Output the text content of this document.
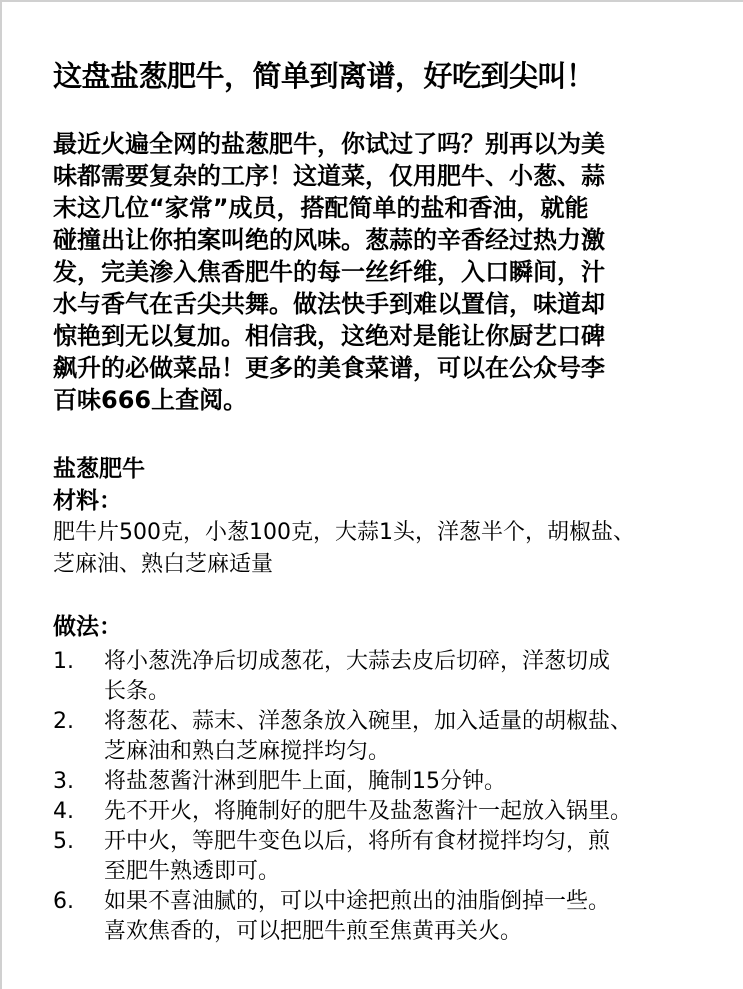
这盘盐葱肥牛，简单到离谱，好吃到尖叫！
最近火遍全网的盐葱肥牛，你试过了吗？别再以为美
味都需要复杂的工序！这道菜，仅用肥牛、小葱、蒜
末这几位“家常”成员，搭配简单的盐和香油，就能
碰撞出让你拍案叫绝的风味。葱蒜的辛香经过热力激
发，完美渗入焦香肥牛的每一丝纤维，入口瞬间，汁
水与香气在舌尖共舞。做法快手到难以置信，味道却
惊艳到无以复加。相信我，这绝对是能让你厨艺口碑
飙升的必做菜品！更多的美食菜谱，可以在公众号李
百味666上查阅。
盐葱肥牛
材料：
肥牛片500克，小葱100克，大蒜1头，洋葱半个，胡椒盐、
芝麻油、熟白芝麻适量
做法：
1. 将小葱洗净后切成葱花，大蒜去皮后切碎，洋葱切成
长条。
2. 将葱花、蒜末、洋葱条放入碗里，加入适量的胡椒盐、
芝麻油和熟白芝麻搅拌均匀。
3. 将盐葱酱汁淋到肥牛上面，腌制15分钟。
4. 先不开火，将腌制好的肥牛及盐葱酱汁一起放入锅里。
5. 开中火，等肥牛变色以后，将所有食材搅拌均匀，煎
至肥牛熟透即可。
6. 如果不喜油腻的，可以中途把煎出的油脂倒掉一些。
喜欢焦香的，可以把肥牛煎至焦黄再关火。
